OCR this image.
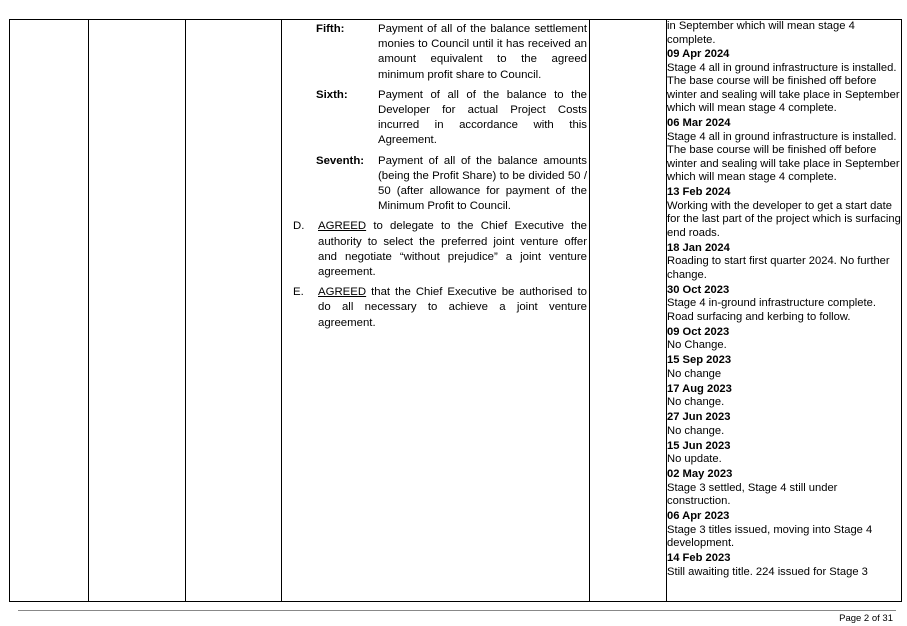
Fifth:	Payment of all of the balance settlement monies to Council until it has received an amount equivalent to the agreed minimum profit share to Council.
Sixth:	Payment of all of the balance to the Developer for actual Project Costs incurred in accordance with this Agreement.
Seventh:	Payment of all of the balance amounts (being the Profit Share) to be divided 50 / 50 (after allowance for payment of the Minimum Profit to Council.
D.	AGREED to delegate to the Chief Executive the authority to select the preferred joint venture offer and negotiate “without prejudice” a joint venture agreement.
E.	AGREED that the Chief Executive be authorised to do all necessary to achieve a joint venture agreement.

in September which will mean stage 4 complete.
09 Apr 2024
Stage 4 all in ground infrastructure is installed. The base course will be finished off before winter and sealing will take place in September which will mean stage 4 complete.
06 Mar 2024
Stage 4 all in ground infrastructure is installed. The base course will be finished off before winter and sealing will take place in September which will mean stage 4 complete.
13 Feb 2024
Working with the developer to get a start date for the last part of the project which is surfacing end roads.
18 Jan 2024
Roading to start first quarter 2024. No further change.
30 Oct 2023
Stage 4 in-ground infrastructure complete. Road surfacing and kerbing to follow.
09 Oct 2023
No Change.
15 Sep 2023
No change
17 Aug 2023
No change.
27 Jun 2023
No change.
15 Jun 2023
No update.
02 May 2023
Stage 3 settled, Stage 4 still under construction.
06 Apr 2023
Stage 3 titles issued, moving into Stage 4 development.
14 Feb 2023
Still awaiting title. 224 issued for Stage 3
Page 2 of 31
